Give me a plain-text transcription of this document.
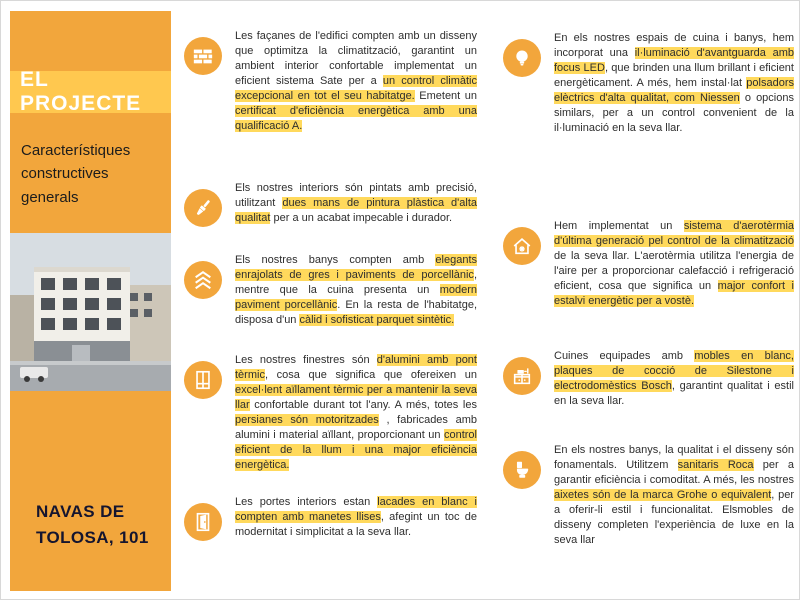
EL PROJECTE
Característiques
constructives
generals
NAVAS DE
TOLOSA, 101

Les façanes de l'edifici compten amb un disseny que optimitza la climatització, garantint un ambient interior confortable implementat un eficient sistema Sate per a un control climàtic excepcional en tot el seu habitatge. Emetent un certificat d'eficiència energètica amb una qualificació A.

Els nostres interiors són pintats amb precisió, utilitzant dues mans de pintura plàstica d'alta qualitat per a un acabat impecable i durador.

Els nostres banys compten amb elegants enrajolats de gres i paviments de porcellànic, mentre que la cuina presenta un modern paviment porcellànic. En la resta de l'habitatge, disposa d'un càlid i sofisticat parquet sintètic.

Les nostres finestres són d'alumini amb pont tèrmic, cosa que significa que ofereixen un excel·lent aïllament tèrmic per a mantenir la seva llar confortable durant tot l'any. A més, totes les persianes són motoritzades , fabricades amb alumini i material aïllant, proporcionant un control eficient de la llum i una major eficiència energètica.

Les portes interiors estan lacades en blanc i compten amb manetes llises, afegint un toc de modernitat i simplicitat a la seva llar.

En els nostres espais de cuina i banys, hem incorporat una il·luminació d'avantguarda amb focus LED, que brinden una llum brillant i eficient energèticament. A més, hem instal·lat polsadors elèctrics d'alta qualitat, com Niessen o opcions similars, per a un control convenient de la il·luminació en la seva llar.

Hem implementat un sistema d'aerotèrmia d'última generació pel control de la climatització de la seva llar. L'aerotèrmia utilitza l'energia de l'aire per a proporcionar calefacció i refrigeració eficient, cosa que significa un major confort i estalvi energètic per a vostè.

Cuines equipades amb mobles en blanc, plaques de cocció de Silestone i electrodomèstics Bosch, garantint qualitat i estil en la seva llar.

En els nostres banys, la qualitat i el disseny són fonamentals. Utilitzem sanitaris Roca per a garantir eficiència i comoditat. A més, les nostres aixetes són de la marca Grohe o equivalent, per a oferir-li estil i funcionalitat. Elsmobles de disseny completen l'experiència de luxe en la seva llar
